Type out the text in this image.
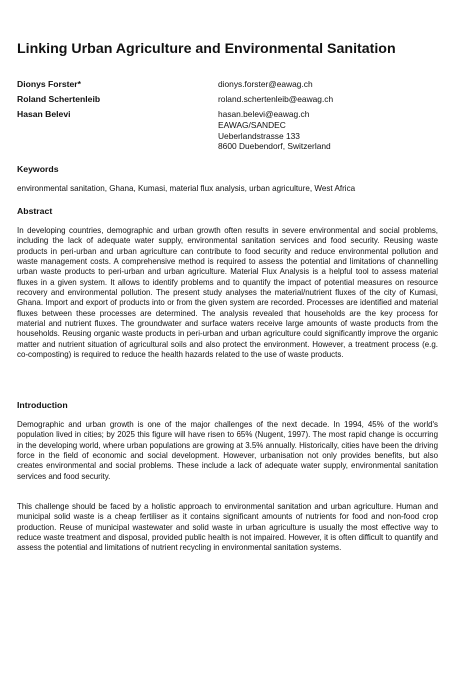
Linking Urban Agriculture and Environmental Sanitation
Dionys Forster*	dionys.forster@eawag.ch
Roland Schertenleib	roland.schertenleib@eawag.ch
Hasan Belevi	hasan.belevi@eawag.ch
EAWAG/SANDEC
Ueberlandstrasse 133
8600 Duebendorf, Switzerland
Keywords
environmental sanitation, Ghana, Kumasi, material flux analysis, urban agriculture, West Africa
Abstract
In developing countries, demographic and urban growth often results in severe environmental and social problems, including the lack of adequate water supply, environmental sanitation services and food security. Reusing waste products in peri-urban and urban agriculture can contribute to food security and reduce environmental pollution and waste management costs. A comprehensive method is required to assess the potential and limitations of channelling urban waste products to peri-urban and urban agriculture. Material Flux Analysis is a helpful tool to assess material fluxes in a given system. It allows to identify problems and to quantify the impact of potential measures on resource recovery and environmental pollution. The present study analyses the material/nutrient fluxes of the city of Kumasi, Ghana. Import and export of products into or from the given system are recorded. Processes are identified and material fluxes between these processes are determined. The analysis revealed that households are the key process for material and nutrient fluxes. The groundwater and surface waters receive large amounts of waste products from the households. Reusing organic waste products in peri-urban and urban agriculture could significantly improve the organic matter and nutrient situation of agricultural soils and also protect the environment. However, a treatment process (e.g. co-composting) is required to reduce the health hazards related to the use of waste products.
Introduction
Demographic and urban growth is one of the major challenges of the next decade. In 1994, 45% of the world's population lived in cities; by 2025 this figure will have risen to 65% (Nugent, 1997). The most rapid change is occurring in the developing world, where urban populations are growing at 3.5% annually. Historically, cities have been the driving force in the field of economic and social development. However, urbanisation not only provides benefits, but also creates environmental and social problems. These include a lack of adequate water supply, environmental sanitation services and food security.
This challenge should be faced by a holistic approach to environmental sanitation and urban agriculture. Human and municipal solid waste is a cheap fertiliser as it contains significant amounts of nutrients for food and non-food crop production. Reuse of municipal wastewater and solid waste in urban agriculture is usually the most effective way to reduce waste treatment and disposal, provided public health is not impaired. However, it is often difficult to quantify and assess the potential and limitations of nutrient recycling in environmental sanitation systems.
